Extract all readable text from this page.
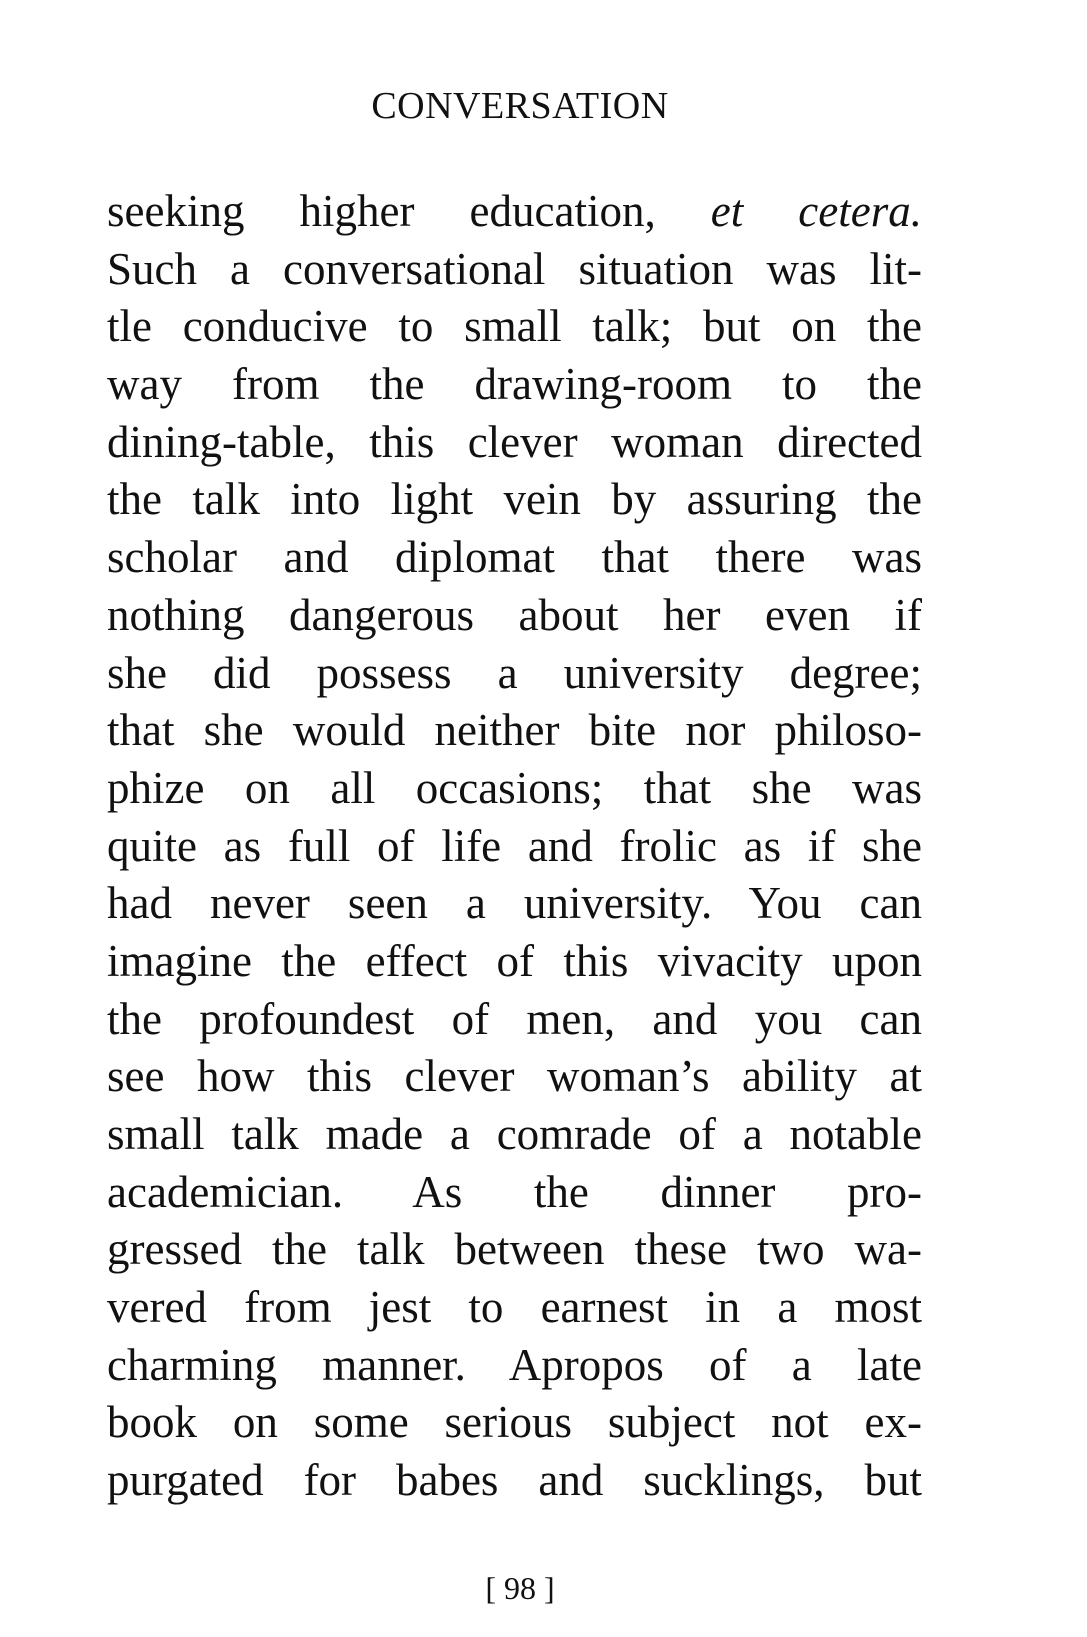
CONVERSATION
seeking higher education, et cetera.
Such a conversational situation was lit-
tle conducive to small talk; but on the
way from the drawing-room to the
dining-table, this clever woman directed
the talk into light vein by assuring the
scholar and diplomat that there was
nothing dangerous about her even if
she did possess a university degree;
that she would neither bite nor philoso-
phize on all occasions; that she was
quite as full of life and frolic as if she
had never seen a university. You can
imagine the effect of this vivacity upon
the profoundest of men, and you can
see how this clever woman’s ability at
small talk made a comrade of a notable
academician. As the dinner pro-
gressed the talk between these two wa-
vered from jest to earnest in a most
charming manner. Apropos of a late
book on some serious subject not ex-
purgated for babes and sucklings, but
[ 98 ]
